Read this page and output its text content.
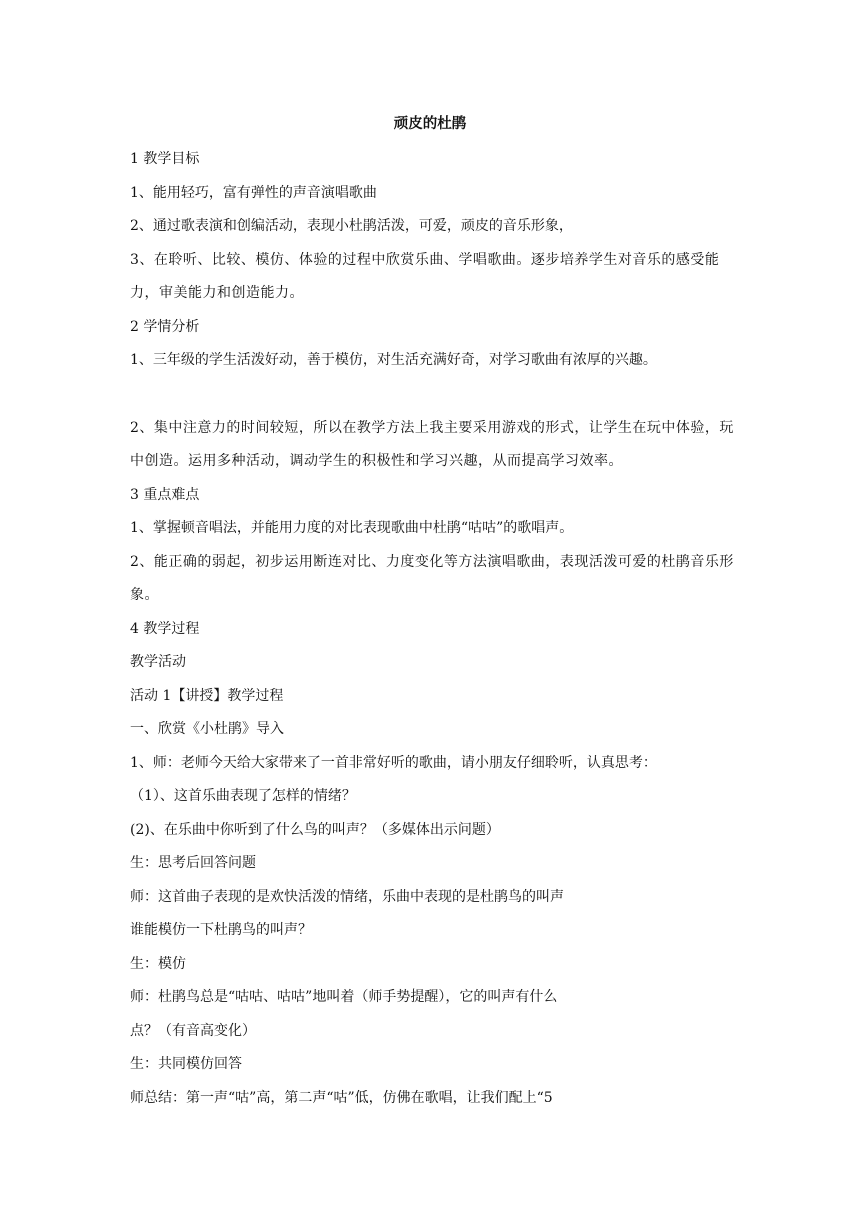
顽皮的杜鹃
1 教学目标
1、能用轻巧，富有弹性的声音演唱歌曲
2、通过歌表演和创编活动，表现小杜鹃活泼，可爱，顽皮的音乐形象，
3、在聆听、比较、模仿、体验的过程中欣赏乐曲、学唱歌曲。逐步培养学生对音乐的感受能力，审美能力和创造能力。
2 学情分析
1、三年级的学生活泼好动，善于模仿，对生活充满好奇，对学习歌曲有浓厚的兴趣。
2、集中注意力的时间较短，所以在教学方法上我主要采用游戏的形式，让学生在玩中体验，玩中创造。运用多种活动，调动学生的积极性和学习兴趣，从而提高学习效率。
3 重点难点
1、掌握顿音唱法，并能用力度的对比表现歌曲中杜鹃“咕咕”的歌唱声。
2、能正确的弱起，初步运用断连对比、力度变化等方法演唱歌曲，表现活泼可爱的杜鹃音乐形象。
4 教学过程
教学活动
活动 1【讲授】教学过程
一、欣赏《小杜鹃》导入
1、师：老师今天给大家带来了一首非常好听的歌曲，请小朋友仔细聆听，认真思考：
（1）、这首乐曲表现了怎样的情绪？
(2)、在乐曲中你听到了什么鸟的叫声？（多媒体出示问题）
生：思考后回答问题
师：这首曲子表现的是欢快活泼的情绪，乐曲中表现的是杜鹃鸟的叫声
谁能模仿一下杜鹃鸟的叫声？
生：模仿
师：杜鹃鸟总是“咕咕、咕咕”地叫着（师手势提醒），它的叫声有什么
点？（有音高变化）
生：共同模仿回答
师总结：第一声“咕”高，第二声“咕”低，仿佛在歌唱，让我们配上“5
